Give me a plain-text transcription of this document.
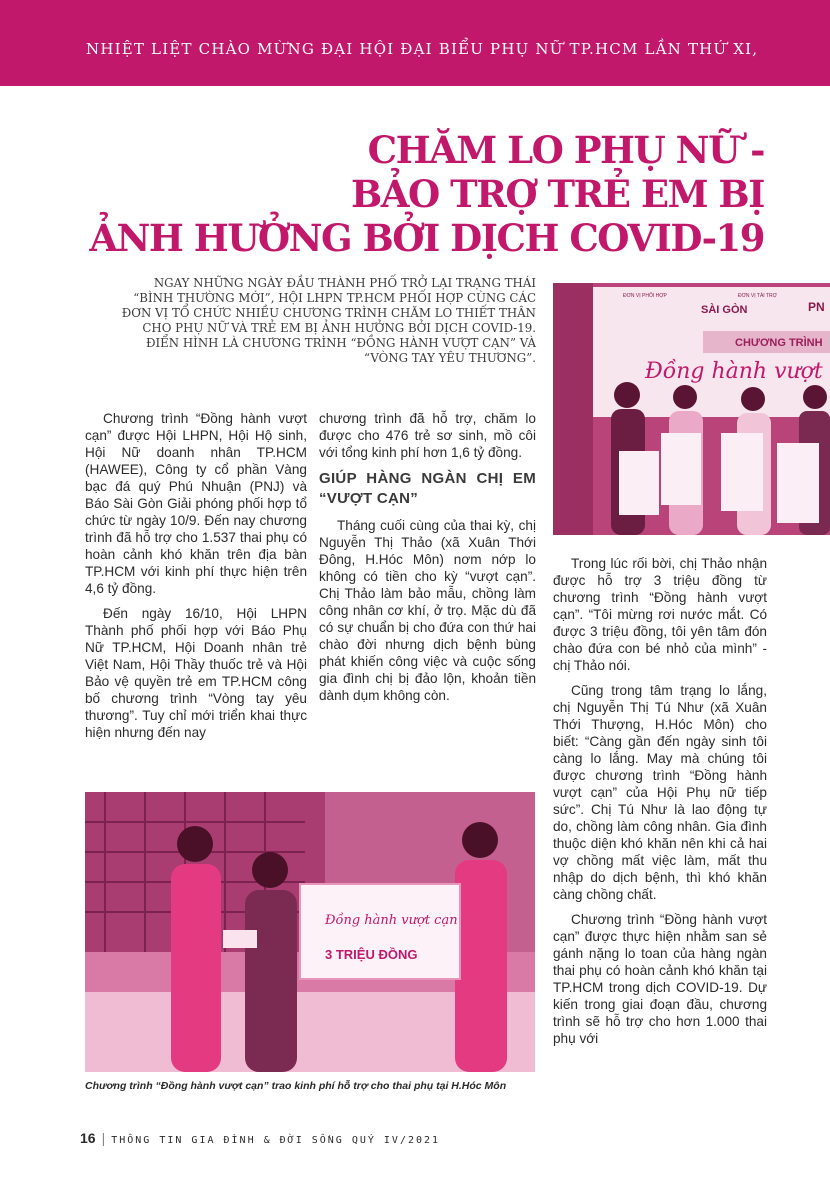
NHIỆT LIỆT CHÀO MỪNG ĐẠI HỘI ĐẠI BIỂU PHỤ NỮ TP.HCM LẦN THỨ XI,
CHĂM LO PHỤ NỮ -
BẢO TRỢ TRẺ EM BỊ
ẢNH HƯỞNG BỞI DỊCH COVID-19
NGAY NHỮNG NGÀY ĐẦU THÀNH PHỐ TRỞ LẠI TRẠNG THÁI “BÌNH THƯỜNG MỚI”, HỘI LHPN TP.HCM PHỐI HỢP CÙNG CÁC ĐƠN VỊ TỔ CHỨC NHIỀU CHƯƠNG TRÌNH CHĂM LO THIẾT THÂN CHO PHỤ NỮ VÀ TRẺ EM BỊ ẢNH HƯỞNG BỞI DỊCH COVID-19. ĐIỂN HÌNH LÀ CHƯƠNG TRÌNH “ĐỒNG HÀNH VƯỢT CẠN” VÀ “VÒNG TAY YÊU THƯƠNG”.
CHƯƠNG TRÌNH
Đồng hành vượt
SÀI GÒN	PN
ĐƠN VỊ PHỐI HỢP	ĐƠN VỊ TÀI TRỢ
Đồng hành vượt cạn
3 TRIỆU ĐỒNG

Chương trình “Đồng hành vượt cạn” được Hội LHPN, Hội Hộ sinh, Hội Nữ doanh nhân TP.HCM (HAWEE), Công ty cổ phần Vàng bạc đá quý Phú Nhuận (PNJ) và Báo Sài Gòn Giải phóng phối hợp tổ chức từ ngày 10/9. Đến nay chương trình đã hỗ trợ cho 1.537 thai phụ có hoàn cảnh khó khăn trên địa bàn TP.HCM với kinh phí thực hiện trên 4,6 tỷ đồng.

Đến ngày 16/10, Hội LHPN Thành phố phối hợp với Báo Phụ Nữ TP.HCM, Hội Doanh nhân trẻ Việt Nam, Hội Thầy thuốc trẻ và Hội Bảo vệ quyền trẻ em TP.HCM công bố chương trình “Vòng tay yêu thương”. Tuy chỉ mới triển khai thực hiện nhưng đến nay

chương trình đã hỗ trợ, chăm lo được cho 476 trẻ sơ sinh, mồ côi với tổng kinh phí hơn 1,6 tỷ đồng.

GIÚP HÀNG NGÀN CHỊ EM “VƯỢT CẠN”

Tháng cuối cùng của thai kỳ, chị Nguyễn Thị Thảo (xã Xuân Thới Đông, H.Hóc Môn) nơm nớp lo không có tiền cho kỳ “vượt cạn”. Chị Thảo làm bảo mẫu, chồng làm công nhân cơ khí, ở trọ. Mặc dù đã có sự chuẩn bị cho đứa con thứ hai chào đời nhưng dịch bệnh bùng phát khiến công việc và cuộc sống gia đình chị bị đảo lộn, khoản tiền dành dụm không còn.

Trong lúc rối bời, chị Thảo nhận được hỗ trợ 3 triệu đồng từ chương trình “Đồng hành vượt cạn”. “Tôi mừng rơi nước mắt. Có được 3 triệu đồng, tôi yên tâm đón chào đứa con bé nhỏ của mình” - chị Thảo nói.

Cũng trong tâm trạng lo lắng, chị Nguyễn Thị Tú Như (xã Xuân Thới Thượng, H.Hóc Môn) cho biết: “Càng gần đến ngày sinh tôi càng lo lắng. May mà chúng tôi được chương trình “Đồng hành vượt cạn” của Hội Phụ nữ tiếp sức”. Chị Tú Như là lao động tự do, chồng làm công nhân. Gia đình thuộc diện khó khăn nên khi cả hai vợ chồng mất việc làm, mất thu nhập do dịch bệnh, thì khó khăn càng chồng chất.

Chương trình “Đồng hành vượt cạn” được thực hiện nhằm san sẻ gánh nặng lo toan của hàng ngàn thai phụ có hoàn cảnh khó khăn tại TP.HCM trong dịch COVID-19. Dự kiến trong giai đoạn đầu, chương trình sẽ hỗ trợ cho hơn 1.000 thai phụ với

Chương trình “Đồng hành vượt cạn” trao kinh phí hỗ trợ cho thai phụ tại H.Hóc Môn
16 | THÔNG TIN GIA ĐÌNH & ĐỜI SỐNG QUÝ IV/2021
